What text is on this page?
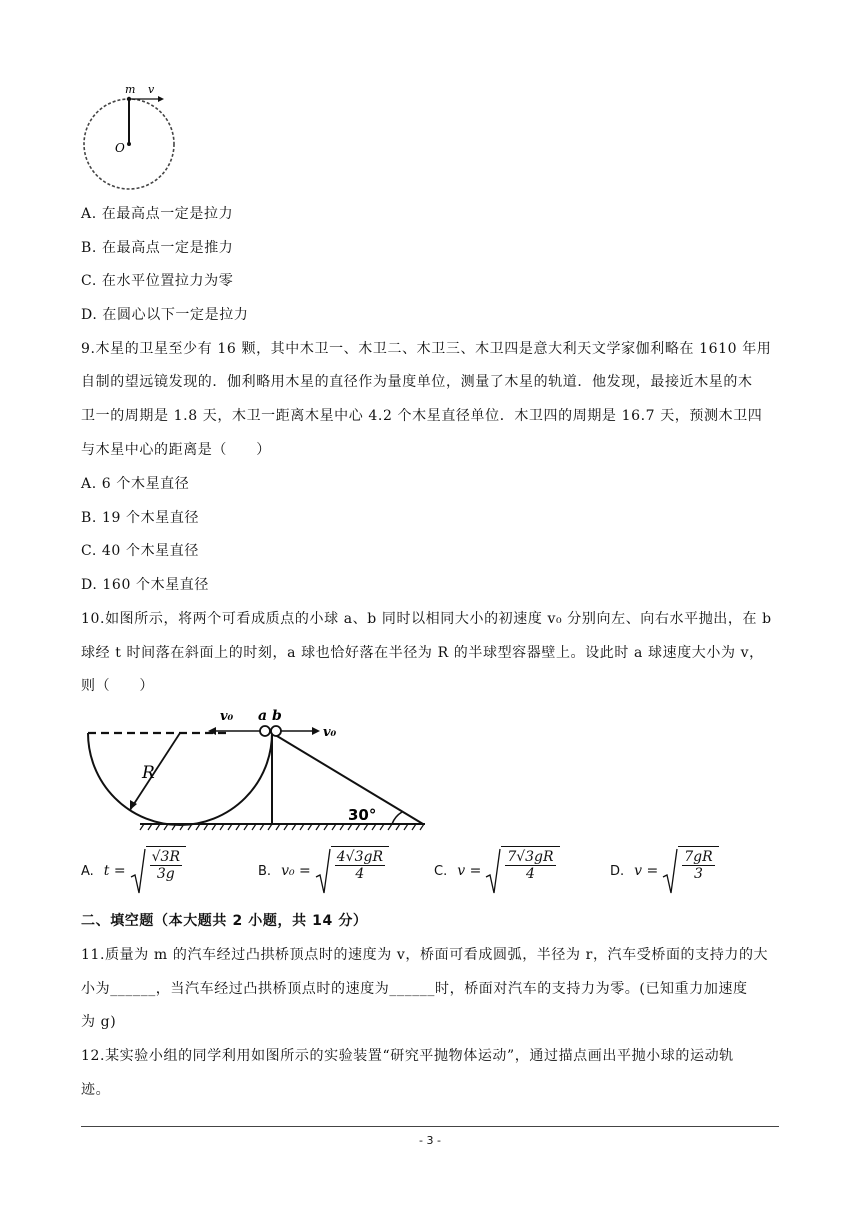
m v
O
A. 在最高点一定是拉力
B. 在最高点一定是推力
C. 在水平位置拉力为零
D. 在圆心以下一定是拉力
9.木星的卫星至少有 16 颗，其中木卫一、木卫二、木卫三、木卫四是意大利天文学家伽利略在 1610 年用
自制的望远镜发现的．伽利略用木星的直径作为量度单位，测量了木星的轨道．他发现，最接近木星的木
卫一的周期是 1.8 天，木卫一距离木星中心 4.2 个木星直径单位．木卫四的周期是 16.7 天，预测木卫四
与木星中心的距离是（　　）
A. 6 个木星直径
B. 19 个木星直径
C. 40 个木星直径
D. 160 个木星直径
10.如图所示，将两个可看成质点的小球 a、b 同时以相同大小的初速度 v₀ 分别向左、向右水平抛出，在 b
球经 t 时间落在斜面上的时刻，a 球也恰好落在半径为 R 的半球型容器壁上。设此时 a 球速度大小为 v，
则（　　）
R
30°
v₀ a b
v₀
A. $t = \frac{√3R}{3g}$	B. $v_0 = \frac{4√3gR}{4}$	C. $v = \frac{7√3gR}{4}$	D. $v = \frac{7gR}{3}$
二、填空题（本大题共 2 小题，共 14 分）
11.质量为 m 的汽车经过凸拱桥顶点时的速度为 v，桥面可看成圆弧，半径为 r，汽车受桥面的支持力的大
小为______，当汽车经过凸拱桥顶点时的速度为______时，桥面对汽车的支持力为零。(已知重力加速度
为 g)
12.某实验小组的同学利用如图所示的实验装置“研究平抛物体运动”，通过描点画出平抛小球的运动轨
迹。
- 3 -
